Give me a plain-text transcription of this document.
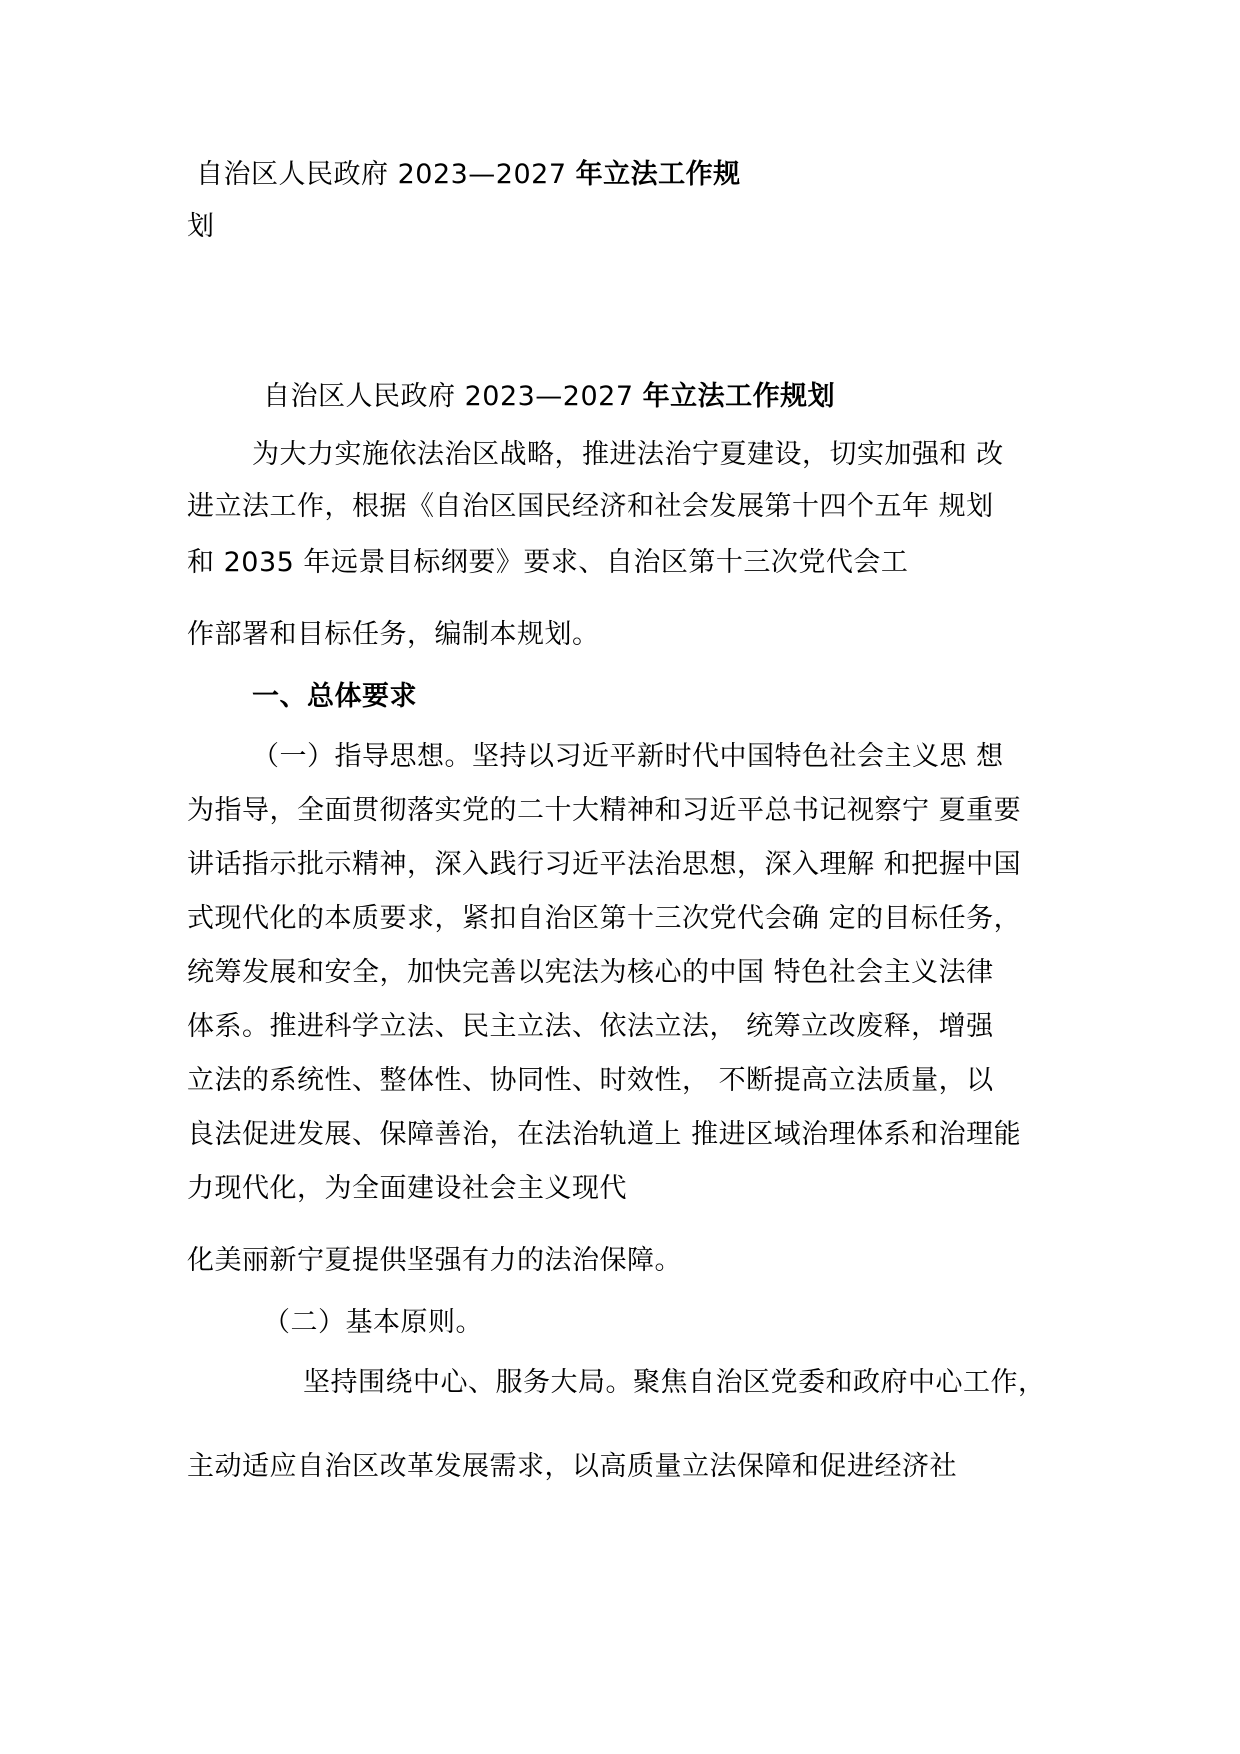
自治区人民政府 2023—2027 年立法工作规
划
自治区人民政府 2023—2027 年立法工作规划
为大力实施依法治区战略，推进法治宁夏建设，切实加强和 改
进立法工作，根据《自治区国民经济和社会发展第十四个五年 规划
和 2035 年远景目标纲要》要求、自治区第十三次党代会工
作部署和目标任务，编制本规划。
一、总体要求
（一）指导思想。坚持以习近平新时代中国特色社会主义思 想
为指导，全面贯彻落实党的二十大精神和习近平总书记视察宁 夏重要
讲话指示批示精神，深入践行习近平法治思想，深入理解 和把握中国
式现代化的本质要求，紧扣自治区第十三次党代会确 定的目标任务，
统筹发展和安全，加快完善以宪法为核心的中国 特色社会主义法律
体系。推进科学立法、民主立法、依法立法， 统筹立改废释，增强
立法的系统性、整体性、协同性、时效性， 不断提高立法质量，以
良法促进发展、保障善治，在法治轨道上 推进区域治理体系和治理能
力现代化，为全面建设社会主义现代
化美丽新宁夏提供坚强有力的法治保障。
（二）基本原则。
坚持围绕中心、服务大局。聚焦自治区党委和政府中心工作，
主动适应自治区改革发展需求，以高质量立法保障和促进经济社
